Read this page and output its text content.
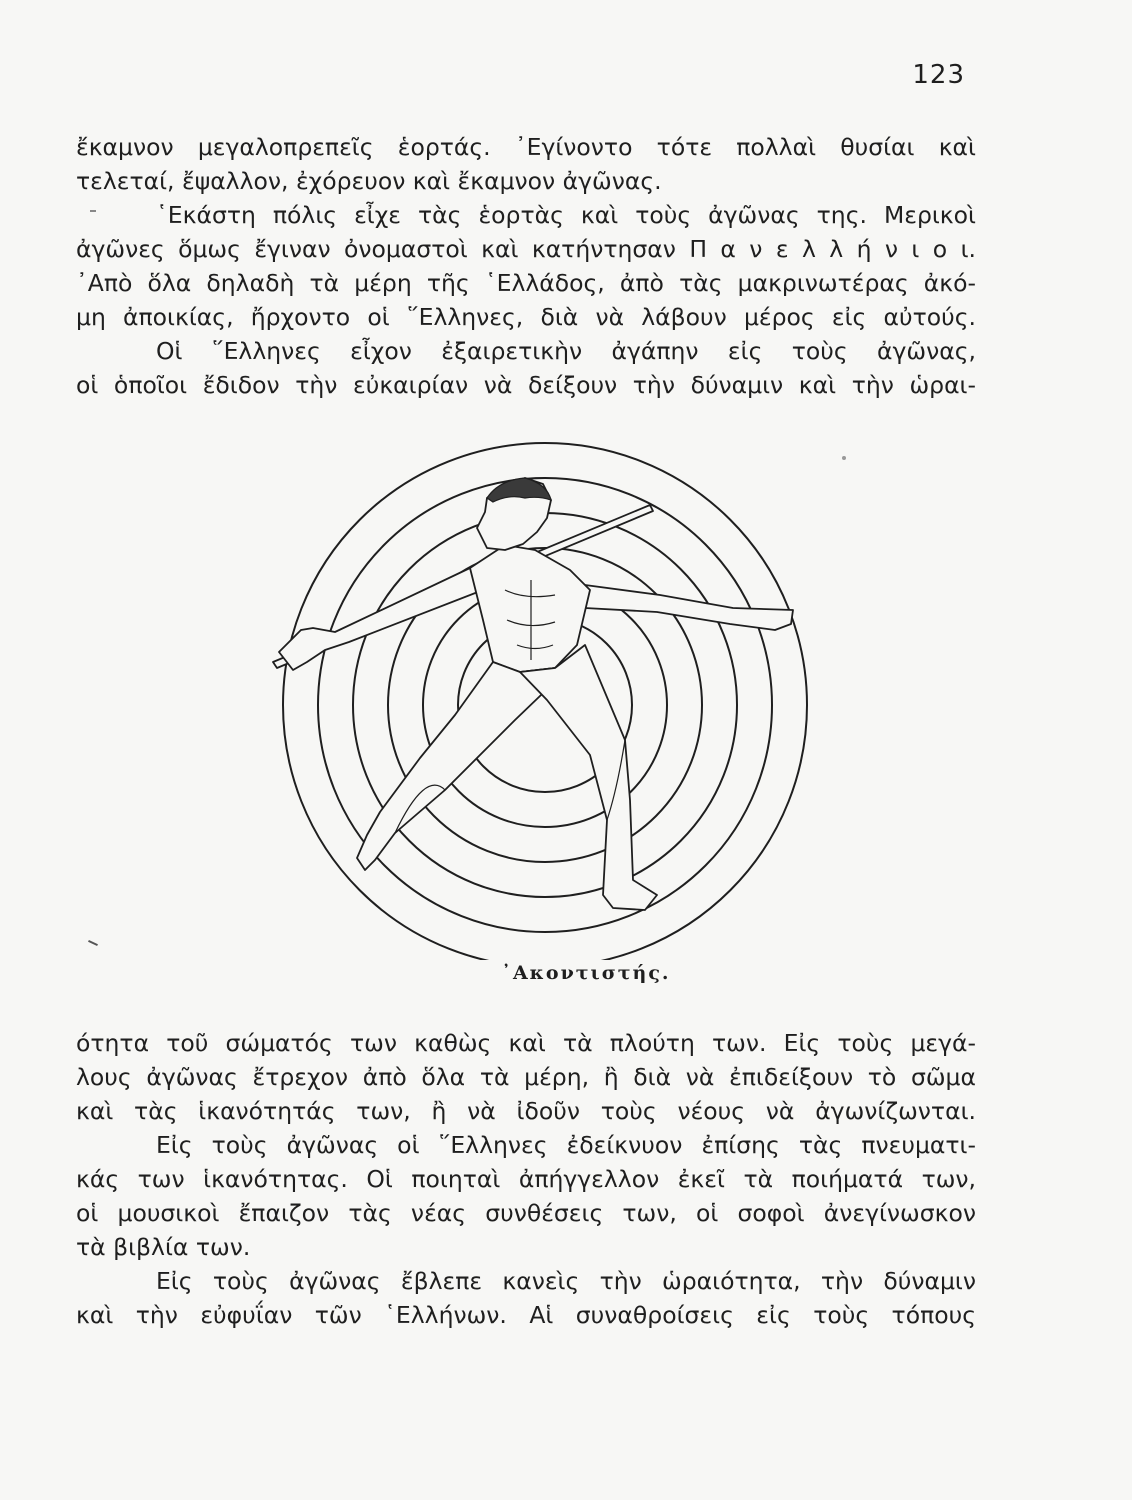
123
ἔκαμνον μεγαλοπρεπεῖς ἑορτάς. ᾿Εγίνοντο τότε πολλαὶ θυσίαι καὶ
τελεταί, ἔψαλλον, ἐχόρευον καὶ ἔκαμνον ἀγῶνας.
῾Εκάστη πόλις εἶχε τὰς ἑορτὰς καὶ τοὺς ἀγῶνας της. Μερικοὶ
ἀγῶνες ὅμως ἔγιναν ὀνομαστοὶ καὶ κατήντησαν Π α ν ε λ λ ή ν ι ο ι.
᾿Απὸ ὅλα δηλαδὴ τὰ μέρη τῆς ῾Ελλάδος, ἀπὸ τὰς μακρινωτέρας ἀκό-
μη ἀποικίας, ἤρχοντο οἱ ῞Ελληνες, διὰ νὰ λάβουν μέρος εἰς αὐτούς.
Οἱ ῞Ελληνες εἶχον ἐξαιρετικὴν ἀγάπην εἰς τοὺς ἀγῶνας,
οἱ ὁποῖοι ἔδιδον τὴν εὐκαιρίαν νὰ δείξουν τὴν δύναμιν καὶ τὴν ὡραι-
᾿Ακοντιστής.
ότητα τοῦ σώματός των καθὼς καὶ τὰ πλούτη των. Εἰς τοὺς μεγά-
λους ἀγῶνας ἔτρεχον ἀπὸ ὅλα τὰ μέρη, ἢ διὰ νὰ ἐπιδείξουν τὸ σῶμα
καὶ τὰς ἱκανότητάς των, ἢ νὰ ἰδοῦν τοὺς νέους νὰ ἀγωνίζωνται.
Εἰς τοὺς ἀγῶνας οἱ ῞Ελληνες ἐδείκνυον ἐπίσης τὰς πνευματι-
κάς των ἱκανότητας. Οἱ ποιηταὶ ἀπήγγελλον ἐκεῖ τὰ ποιήματά των,
οἱ μουσικοὶ ἔπαιζον τὰς νέας συνθέσεις των, οἱ σοφοὶ ἀνεγίνωσκον
τὰ βιβλία των.
Εἰς τοὺς ἀγῶνας ἔβλεπε κανεὶς τὴν ὡραιότητα, τὴν δύναμιν
καὶ τὴν εὐφυΐαν τῶν ῾Ελλήνων. Αἱ συναθροίσεις εἰς τοὺς τόπους
